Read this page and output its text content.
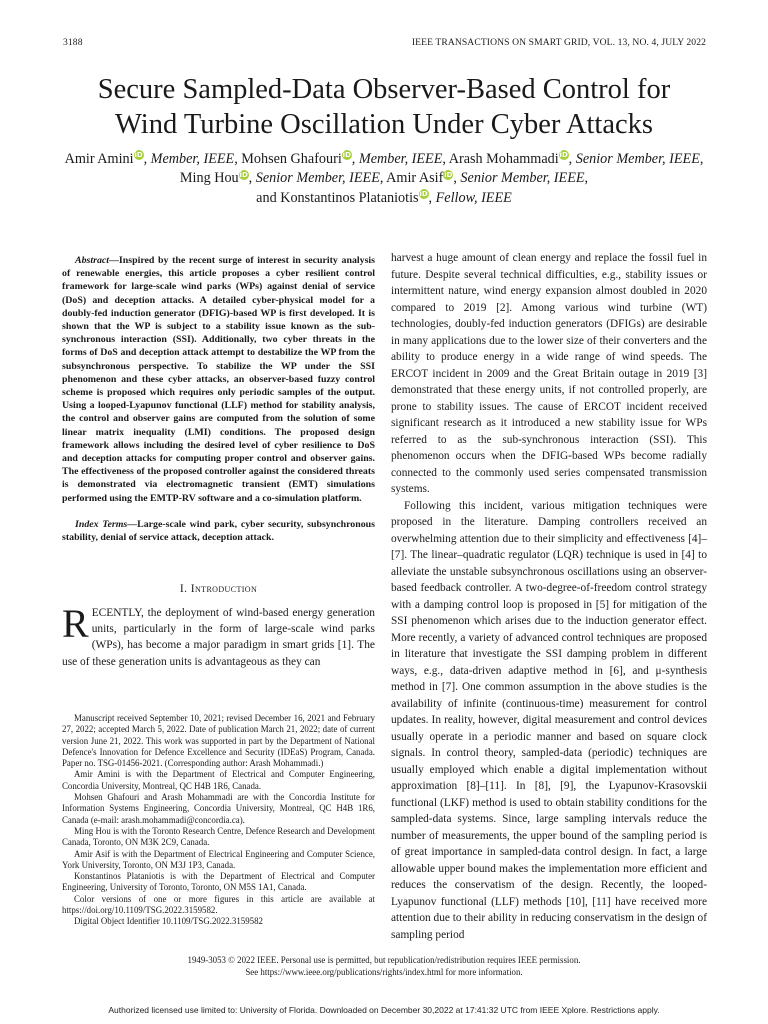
3188	IEEE TRANSACTIONS ON SMART GRID, VOL. 13, NO. 4, JULY 2022
Secure Sampled-Data Observer-Based Control for
Wind Turbine Oscillation Under Cyber Attacks
Amir AminiiD, Member, IEEE, Mohsen GhafouriiD, Member, IEEE, Arash MohammadiiD, Senior Member, IEEE,
Ming HouiD, Senior Member, IEEE, Amir AsifiD, Senior Member, IEEE,
and Konstantinos PlataniotisiD, Fellow, IEEE

Abstract—Inspired by the recent surge of interest in security analysis of renewable energies, this article proposes a cyber resilient control framework for large-scale wind parks (WPs) against denial of service (DoS) and deception attacks. A detailed cyber-physical model for a doubly-fed induction generator (DFIG)-based WP is first developed. It is shown that the WP is subject to a stability issue known as the sub-synchronous interaction (SSI). Additionally, two cyber threats in the forms of DoS and deception attack attempt to destabilize the WP from the subsynchronous perspective. To stabilize the WP under the SSI phenomenon and these cyber attacks, an observer-based fuzzy control scheme is proposed which requires only periodic samples of the output. Using a looped-Lyapunov functional (LLF) method for stability analysis, the control and observer gains are computed from the solution of some linear matrix inequality (LMI) conditions. The proposed design framework allows including the desired level of cyber resilience to DoS and deception attacks for computing proper control and observer gains. The effectiveness of the proposed controller against the considered threats is demonstrated via electromagnetic transient (EMT) simulations performed using the EMTP-RV software and a co-simulation platform.

Index Terms—Large-scale wind park, cyber security, subsynchronous stability, denial of service attack, deception attack.

I. Introduction

RECENTLY, the deployment of wind-based energy generation units, particularly in the form of large-scale wind parks (WPs), has become a major paradigm in smart grids [1]. The use of these generation units is advantageous as they can

Manuscript received September 10, 2021; revised December 16, 2021 and February 27, 2022; accepted March 5, 2022. Date of publication March 21, 2022; date of current version June 21, 2022. This work was supported in part by the Department of National Defence's Innovation for Defence Excellence and Security (IDEaS) Program, Canada. Paper no. TSG-01456-2021. (Corresponding author: Arash Mohammadi.)

Amir Amini is with the Department of Electrical and Computer Engineering, Concordia University, Montreal, QC H4B 1R6, Canada.

Mohsen Ghafouri and Arash Mohammadi are with the Concordia Institute for Information Systems Engineering, Concordia University, Montreal, QC H4B 1R6, Canada (e-mail: arash.mohammadi@concordia.ca).

Ming Hou is with the Toronto Research Centre, Defence Research and Development Canada, Toronto, ON M3K 2C9, Canada.

Amir Asif is with the Department of Electrical Engineering and Computer Science, York University, Toronto, ON M3J 1P3, Canada.

Konstantinos Plataniotis is with the Department of Electrical and Computer Engineering, University of Toronto, Toronto, ON M5S 1A1, Canada.

Color versions of one or more figures in this article are available at https://doi.org/10.1109/TSG.2022.3159582.

Digital Object Identifier 10.1109/TSG.2022.3159582

harvest a huge amount of clean energy and replace the fossil fuel in future. Despite several technical difficulties, e.g., stability issues or intermittent nature, wind energy expansion almost doubled in 2020 compared to 2019 [2]. Among various wind turbine (WT) technologies, doubly-fed induction generators (DFIGs) are desirable in many applications due to the lower size of their converters and the ability to produce energy in a wide range of wind speeds. The ERCOT incident in 2009 and the Great Britain outage in 2019 [3] demonstrated that these energy units, if not controlled properly, are prone to stability issues. The cause of ERCOT incident received significant research as it introduced a new stability issue for WPs referred to as the sub-synchronous interaction (SSI). This phenomenon occurs when the DFIG-based WPs become radially connected to the commonly used series compensated transmission systems.

Following this incident, various mitigation techniques were proposed in the literature. Damping controllers received an overwhelming attention due to their simplicity and effectiveness [4]–[7]. The linear–quadratic regulator (LQR) technique is used in [4] to alleviate the unstable subsynchronous oscillations using an observer-based feedback controller. A two-degree-of-freedom control strategy with a damping control loop is proposed in [5] for mitigation of the SSI phenomenon which arises due to the induction generator effect. More recently, a variety of advanced control techniques are proposed in literature that investigate the SSI damping problem in different ways, e.g., data-driven adaptive method in [6], and μ-synthesis method in [7]. One common assumption in the above studies is the availability of infinite (continuous-time) measurement for control updates. In reality, however, digital measurement and control devices usually operate in a periodic manner and based on square clock signals. In control theory, sampled-data (periodic) techniques are usually employed which enable a digital implementation without approximation [8]–[11]. In [8], [9], the Lyapunov-Krasovskii functional (LKF) method is used to obtain stability conditions for the sampled-data systems. Since, large sampling intervals reduce the number of measurements, the upper bound of the sampling period is of great importance in sampled-data control design. In fact, a large allowable upper bound makes the implementation more efficient and reduces the conservatism of the design. Recently, the looped-Lyapunov functional (LLF) methods [10], [11] have received more attention due to their ability in reducing conservatism in the design of sampling period

1949-3053 © 2022 IEEE. Personal use is permitted, but republication/redistribution requires IEEE permission.
See https://www.ieee.org/publications/rights/index.html for more information.
Authorized licensed use limited to: University of Florida. Downloaded on December 30,2022 at 17:41:32 UTC from IEEE Xplore. Restrictions apply.
